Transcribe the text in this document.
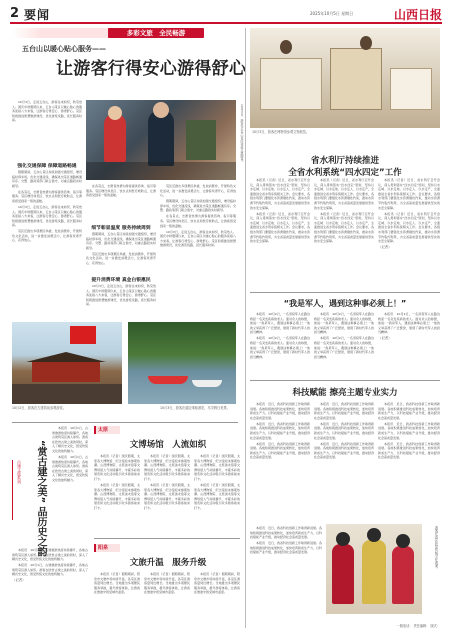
2 要闻	2025年10月5日 星期日	山西日报
多彩文旅　全民畅游
五台山以暖心贴心服务——
让游客行得安心游得舒心
10月3日，游客在五台山景区体验志愿服务。

10月3日，走进五台山，游客往来如织，秋景怡人。国庆中秋假期以来，五台山景区以暖心贴心的服务迎接八方来客，让游客行得安心、游得舒心。景区积极推进智慧旅游建设，优化游览线路，延长服务时间。

强化交通保障 保障道路畅通

假期期间，五台山景区持续加强交通组织，增设临时停车场，优化交通流线，确保进出景区道路畅通有序。交警、路政等部门联合值守，对重点路段实时疏导。

在各景点，志愿者热情为游客提供咨询、指引等服务。景区增设休息区、饮水点和医疗救助点，让游客感受到家一般的温暖。

10月3日，走进五台山，游客往来如织，秋景怡人。国庆中秋假期以来，五台山景区以暖心贴心的服务迎接八方来客，让游客行得安心、游得舒心。景区积极推进智慧旅游建设，优化游览线路，延长服务时间。

景区还推出多项惠民举措，发放消费券，开展特色文化活动，进一步激发消费活力，让游客玩得开心、花得放心。

在各景点，志愿者热情为游客提供咨询、指引等服务。景区增设休息区、饮水点和医疗救助点，让游客感受到家一般的温暖。

细节彰显温度 服务持续周到

假期期间，五台山景区持续加强交通组织，增设临时停车场，优化交通流线，确保进出景区道路畅通有序。交警、路政等部门联合值守，对重点路段实时疏导。

景区还推出多项惠民举措，发放消费券，开展特色文化活动，进一步激发消费活力，让游客玩得开心、花得放心。

提升消费环境 真金白银惠民

10月3日，走进五台山，游客往来如织，秋景怡人。国庆中秋假期以来，五台山景区以暖心贴心的服务迎接八方来客，让游客行得安心、游得舒心。景区积极推进智慧旅游建设，优化游览线路，延长服务时间。

景区还推出多项惠民举措，发放消费券，开展特色文化活动，进一步激发消费活力，让游客玩得开心、花得放心。

假期期间，五台山景区持续加强交通组织，增设临时停车场，优化交通流线，确保进出景区道路畅通有序。交警、路政等部门联合值守，对重点路段实时疏导。

在各景点，志愿者热情为游客提供咨询、指引等服务。景区增设休息区、饮水点和医疗救助点，让游客感受到家一般的温暖。

10月3日，走进五台山，游客往来如织，秋景怡人。国庆中秋假期以来，五台山景区以暖心贴心的服务迎接八方来客，让游客行得安心、游得舒心。景区积极推进智慧旅游建设，优化游览线路，延长服务时间。

10月3日，游客在博物馆参观文物展览。
省水利厅持续推进
全省水利系统“四水四定”工作

本报讯（记者）近日，省水利厅召开会议，深入贯彻落实“四水四定”原则，坚持以水定城、以水定地、以水定人、以水定产，全面推进全省水利系统相关工作。会议要求，各级水利部门要强化水资源刚性约束，推动水资源节约集约利用，为全省高质量发展提供坚实的水安全保障。

本报讯（记者）近日，省水利厅召开会议，深入贯彻落实“四水四定”原则，坚持以水定城、以水定地、以水定人、以水定产，全面推进全省水利系统相关工作。会议要求，各级水利部门要强化水资源刚性约束，推动水资源节约集约利用，为全省高质量发展提供坚实的水安全保障。

本报讯（记者）近日，省水利厅召开会议，深入贯彻落实“四水四定”原则，坚持以水定城、以水定地、以水定人、以水定产，全面推进全省水利系统相关工作。会议要求，各级水利部门要强化水资源刚性约束，推动水资源节约集约利用，为全省高质量发展提供坚实的水安全保障。

本报讯（记者）近日，省水利厅召开会议，深入贯彻落实“四水四定”原则，坚持以水定城、以水定地、以水定人、以水定产，全面推进全省水利系统相关工作。会议要求，各级水利部门要强化水资源刚性约束，推动水资源节约集约利用，为全省高质量发展提供坚实的水安全保障。

本报讯（记者）近日，省水利厅召开会议，深入贯彻落实“四水四定”原则，坚持以水定城、以水定地、以水定人、以水定产，全面推进全省水利系统相关工作。会议要求，各级水利部门要强化水资源刚性约束，推动水资源节约集约利用，为全省高质量发展提供坚实的水安全保障。

本报讯（记者）近日，省水利厅召开会议，深入贯彻落实“四水四定”原则，坚持以水定城、以水定地、以水定人、以水定产，全面推进全省水利系统相关工作。会议要求，各级水利部门要强化水资源刚性约束，推动水资源节约集约利用，为全省高质量发展提供坚实的水安全保障。

（记者）
“我是军人，遇到这种事必须上！”

本报讯　10月2日，一名退役军人在路边救起一名突发疾病的老人。面对众人的称赞，他说：“我是军人，遇到这种事必须上！”他的义举获得了广泛赞誉，展现了新时代军人的担当精神。

本报讯　10月2日，一名退役军人在路边救起一名突发疾病的老人。面对众人的称赞，他说：“我是军人，遇到这种事必须上！”他的义举获得了广泛赞誉，展现了新时代军人的担当精神。

本报讯　10月2日，一名退役军人在路边救起一名突发疾病的老人。面对众人的称赞，他说：“我是军人，遇到这种事必须上！”他的义举获得了广泛赞誉，展现了新时代军人的担当精神。

本报讯　10月2日，一名退役军人在路边救起一名突发疾病的老人。面对众人的称赞，他说：“我是军人，遇到这种事必须上！”他的义举获得了广泛赞誉，展现了新时代军人的担当精神。

本报讯　10月2日，一名退役军人在路边救起一名突发疾病的老人。面对众人的称赞，他说：“我是军人，遇到这种事必须上！”他的义举获得了广泛赞誉，展现了新时代军人的担当精神。

（记者）
科技赋能 擦亮主题专业实力

本报讯　近日，我省科技创新工作取得新进展。各地积极推进科技成果转化，加快培育新质生产力，以科技赋能产业升级，推动经济社会高质量发展。

本报讯　近日，我省科技创新工作取得新进展。各地积极推进科技成果转化，加快培育新质生产力，以科技赋能产业升级，推动经济社会高质量发展。

本报讯　近日，我省科技创新工作取得新进展。各地积极推进科技成果转化，加快培育新质生产力，以科技赋能产业升级，推动经济社会高质量发展。

本报讯　近日，我省科技创新工作取得新进展。各地积极推进科技成果转化，加快培育新质生产力，以科技赋能产业升级，推动经济社会高质量发展。

本报讯　近日，我省科技创新工作取得新进展。各地积极推进科技成果转化，加快培育新质生产力，以科技赋能产业升级，推动经济社会高质量发展。

本报讯　近日，我省科技创新工作取得新进展。各地积极推进科技成果转化，加快培育新质生产力，以科技赋能产业升级，推动经济社会高质量发展。

本报讯　近日，我省科技创新工作取得新进展。各地积极推进科技成果转化，加快培育新质生产力，以科技赋能产业升级，推动经济社会高质量发展。

本报讯　近日，我省科技创新工作取得新进展。各地积极推进科技成果转化，加快培育新质生产力，以科技赋能产业升级，推动经济社会高质量发展。

本报讯　近日，我省科技创新工作取得新进展。各地积极推进科技成果转化，加快培育新质生产力，以科技赋能产业升级，推动经济社会高质量发展。

游客在景区欣赏传统文化表演。

本报讯　近日，我省科技创新工作取得新进展。各地积极推进科技成果转化，加快培育新质生产力，以科技赋能产业升级，推动经济社会高质量发展。

本报讯　近日，我省科技创新工作取得新进展。各地积极推进科技成果转化，加快培育新质生产力，以科技赋能产业升级，推动经济社会高质量发展。

10月2日，游客在古建筑前参观游览。	10月3日，游客在湖边乘船游览，尽享假日美景。
古建文旅系列	“赏古建之美” 品历史之韵

本报讯　10月1日，古建旅游热度持续攀升，各地古建筑景区游人如织。游客在欣赏古建之美的同时，深入了解历史文化，感受传统文化的独特魅力。

本报讯　10月1日，古建旅游热度持续攀升，各地古建筑景区游人如织。游客在欣赏古建之美的同时，深入了解历史文化，感受传统文化的独特魅力。

本报讯　10月1日，古建旅游热度持续攀升，各地古建筑景区游人如织。游客在欣赏古建之美的同时，深入了解历史文化，感受传统文化的独特魅力。

本报讯　10月1日，古建旅游热度持续攀升，各地古建筑景区游人如织。游客在欣赏古建之美的同时，深入了解历史文化，感受传统文化的独特魅力。

（记者）
太原
文博场馆　人流如织

本报讯（记者）国庆假期，太原各大博物馆、纪念馆迎来参观热潮。山西博物院、太原美术馆等文博场馆人气持续攀升，丰富多彩的展览和文化活动吸引众多游客前来打卡。

本报讯（记者）国庆假期，太原各大博物馆、纪念馆迎来参观热潮。山西博物院、太原美术馆等文博场馆人气持续攀升，丰富多彩的展览和文化活动吸引众多游客前来打卡。

本报讯（记者）国庆假期，太原各大博物馆、纪念馆迎来参观热潮。山西博物院、太原美术馆等文博场馆人气持续攀升，丰富多彩的展览和文化活动吸引众多游客前来打卡。

本报讯（记者）国庆假期，太原各大博物馆、纪念馆迎来参观热潮。山西博物院、太原美术馆等文博场馆人气持续攀升，丰富多彩的展览和文化活动吸引众多游客前来打卡。

本报讯（记者）国庆假期，太原各大博物馆、纪念馆迎来参观热潮。山西博物院、太原美术馆等文博场馆人气持续攀升，丰富多彩的展览和文化活动吸引众多游客前来打卡。

本报讯（记者）国庆假期，太原各大博物馆、纪念馆迎来参观热潮。山西博物院、太原美术馆等文博场馆人气持续攀升，丰富多彩的展览和文化活动吸引众多游客前来打卡。

阳泉
文旅升温　服务升级

本报讯（记者）假期期间，阳泉市文旅市场持续升温，各景区游客量同比增长。当地推出多项便民服务举措，提升游客体验，让游客在旅途中感受城市温度。

本报讯（记者）假期期间，阳泉市文旅市场持续升温，各景区游客量同比增长。当地推出多项便民服务举措，提升游客体验，让游客在旅途中感受城市温度。

本报讯（记者）假期期间，阳泉市文旅市场持续升温，各景区游客量同比增长。当地推出多项便民服务举措，提升游客体验，让游客在旅途中感受城市温度。

一版电话： 责任编辑： 版式：
